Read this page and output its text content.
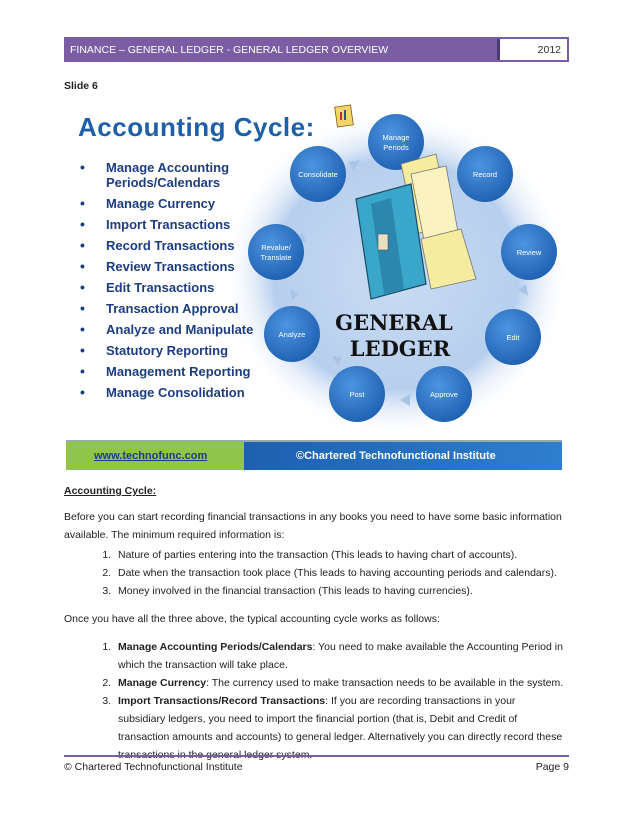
FINANCE – GENERAL LEDGER - GENERAL LEDGER OVERVIEW	2012
Slide 6
Manage
Periods
Record
Review
Edit
Approve
Post
Analyze
Revalue/
Translate
Consolidate
GENERAL
LEDGER
Accounting Cycle:
• Manage Accounting Periods/Calendars
• Manage Currency
• Import Transactions
• Record Transactions
• Review Transactions
• Edit Transactions
• Transaction Approval
• Analyze and Manipulate
• Statutory Reporting
• Management Reporting
• Manage Consolidation
www.technofunc.com	©Chartered Technofunctional Institute
Accounting Cycle:
Before you can start recording financial transactions in any books you need to have some basic information available. The minimum required information is:
1. Nature of parties entering into the transaction (This leads to having chart of accounts).
2. Date when the transaction took place (This leads to having accounting periods and calendars).
3. Money involved in the financial transaction (This leads to having currencies).
Once you have all the three above, the typical accounting cycle works as follows:
1. Manage Accounting Periods/Calendars: You need to make available the Accounting Period in which the transaction will take place.
2. Manage Currency: The currency used to make transaction needs to be available in the system.
3. Import Transactions/Record Transactions: If you are recording transactions in your subsidiary ledgers, you need to import the financial portion (that is, Debit and Credit of transaction amounts and accounts) to general ledger. Alternatively you can directly record these transactions in the general ledger system.
© Chartered Technofunctional Institute	Page 9
